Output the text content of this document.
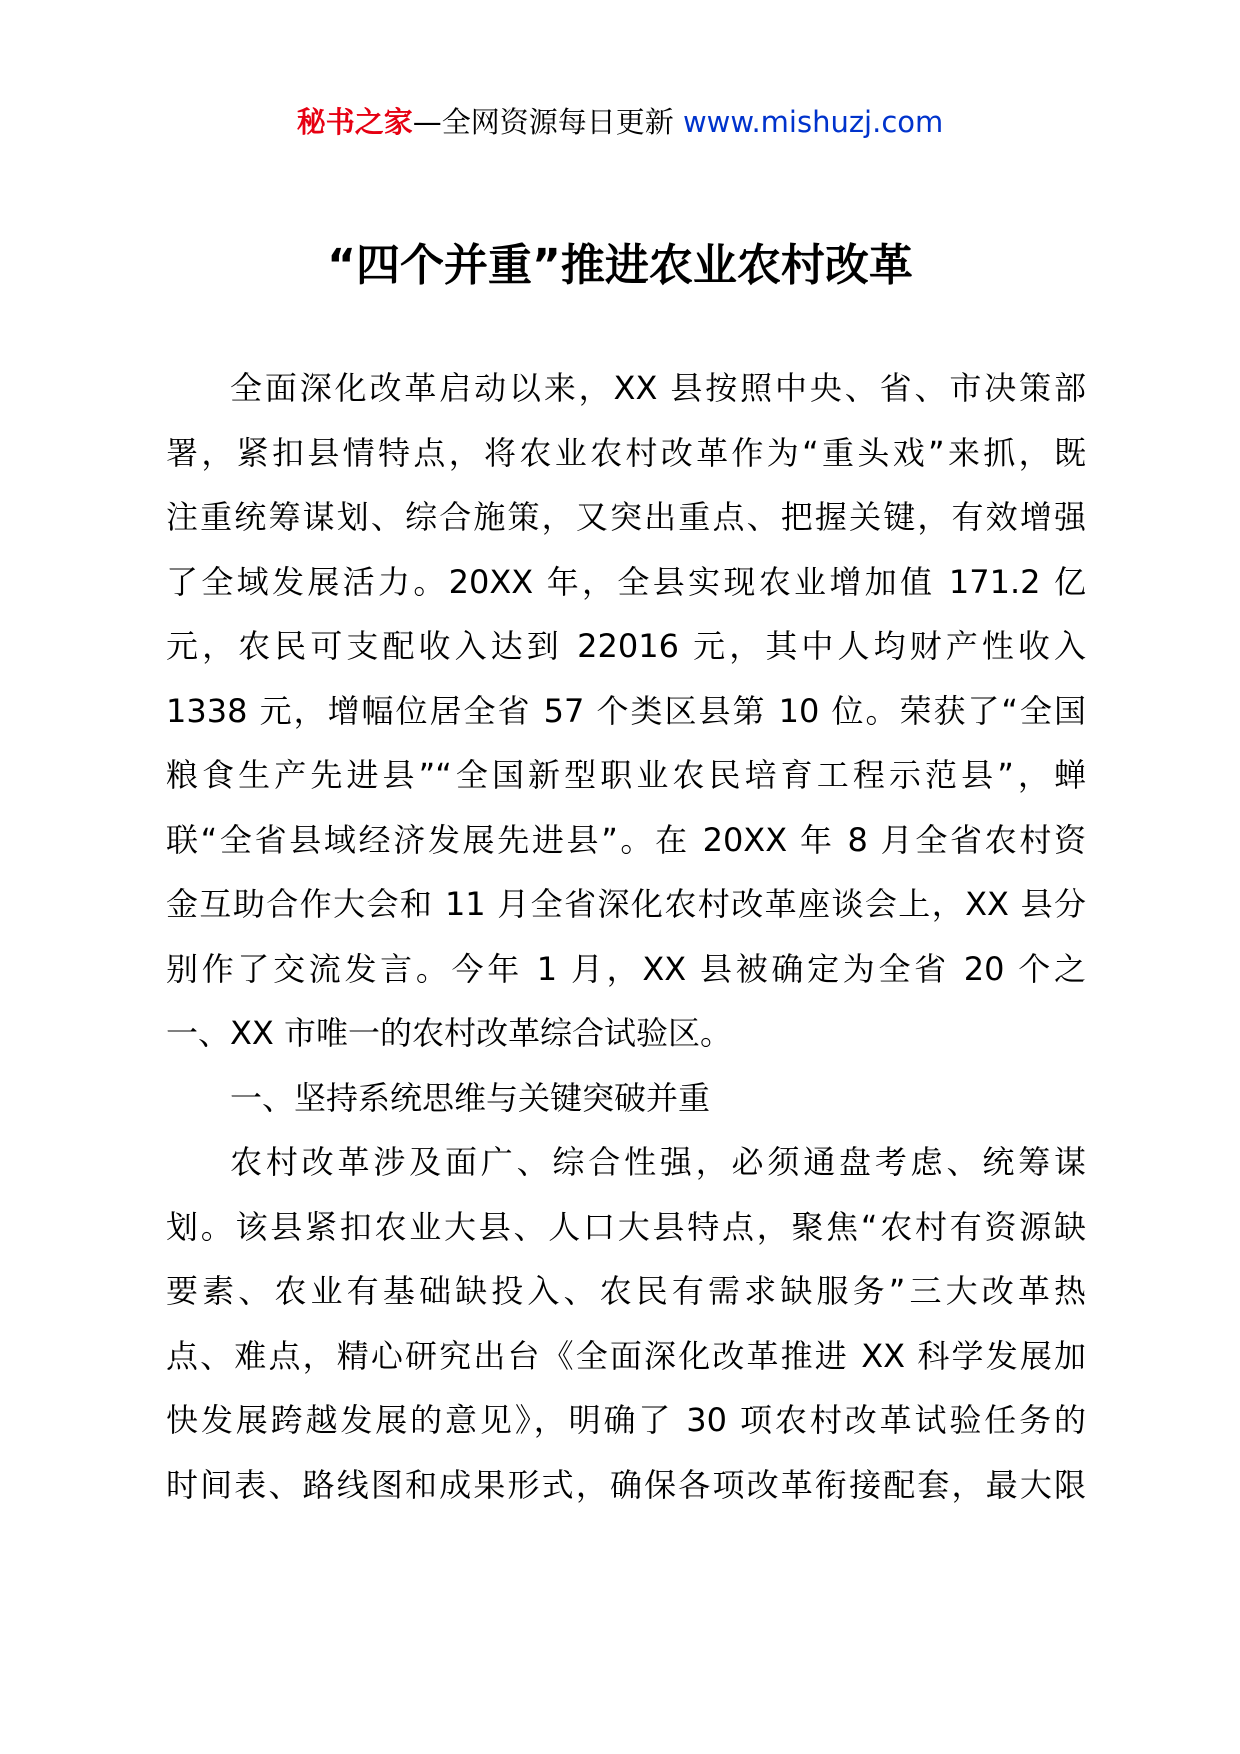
秘书之家—全网资源每日更新 www.mishuzj.com
“四个并重”推进农业农村改革
全面深化改革启动以来，XX 县按照中央、省、市决策部
署，紧扣县情特点，将农业农村改革作为“重头戏”来抓，既
注重统筹谋划、综合施策，又突出重点、把握关键，有效增强
了全域发展活力。20XX 年，全县实现农业增加值 171.2 亿
元，农民可支配收入达到 22016 元，其中人均财产性收入
1338 元，增幅位居全省 57 个类区县第 10 位。荣获了“全国
粮食生产先进县”“全国新型职业农民培育工程示范县”，蝉
联“全省县域经济发展先进县”。在 20XX 年 8 月全省农村资
金互助合作大会和 11 月全省深化农村改革座谈会上，XX 县分
别作了交流发言。今年 1 月，XX 县被确定为全省 20 个之
一、XX 市唯一的农村改革综合试验区。
一、坚持系统思维与关键突破并重
农村改革涉及面广、综合性强，必须通盘考虑、统筹谋
划。该县紧扣农业大县、人口大县特点，聚焦“农村有资源缺
要素、农业有基础缺投入、农民有需求缺服务”三大改革热
点、难点，精心研究出台《全面深化改革推进 XX 科学发展加
快发展跨越发展的意见》，明确了 30 项农村改革试验任务的
时间表、路线图和成果形式，确保各项改革衔接配套，最大限
